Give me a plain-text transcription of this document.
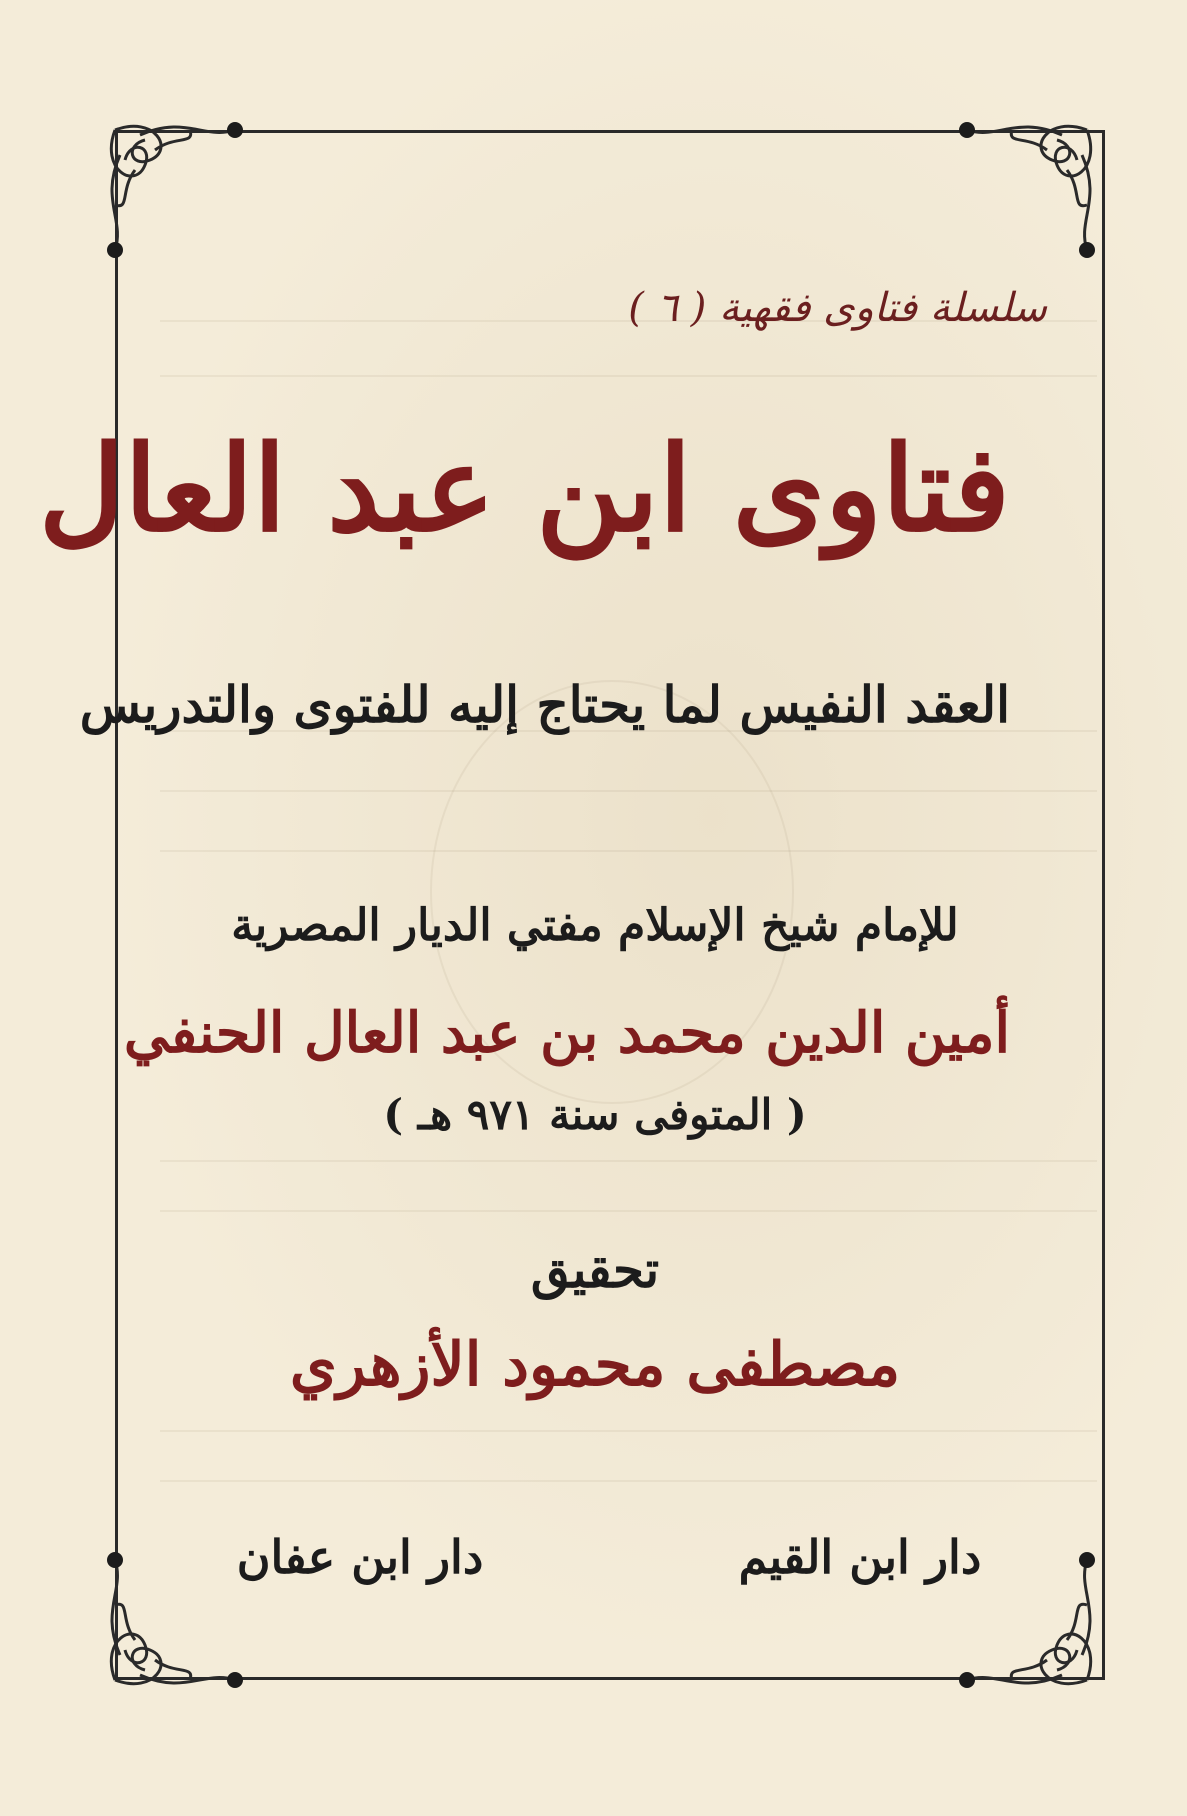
سلسلة فتاوى فقهية ( ٦ )
فتاوى ابن عبد العال
العقد النفيس لما يحتاج إليه للفتوى والتدريس
للإمام شيخ الإسلام مفتي الديار المصرية
أمين الدين محمد بن عبد العال الحنفي
( المتوفى سنة ٩٧١ هـ )
تحقيق
مصطفى محمود الأزهري
دار ابن القيم
دار ابن عفان
